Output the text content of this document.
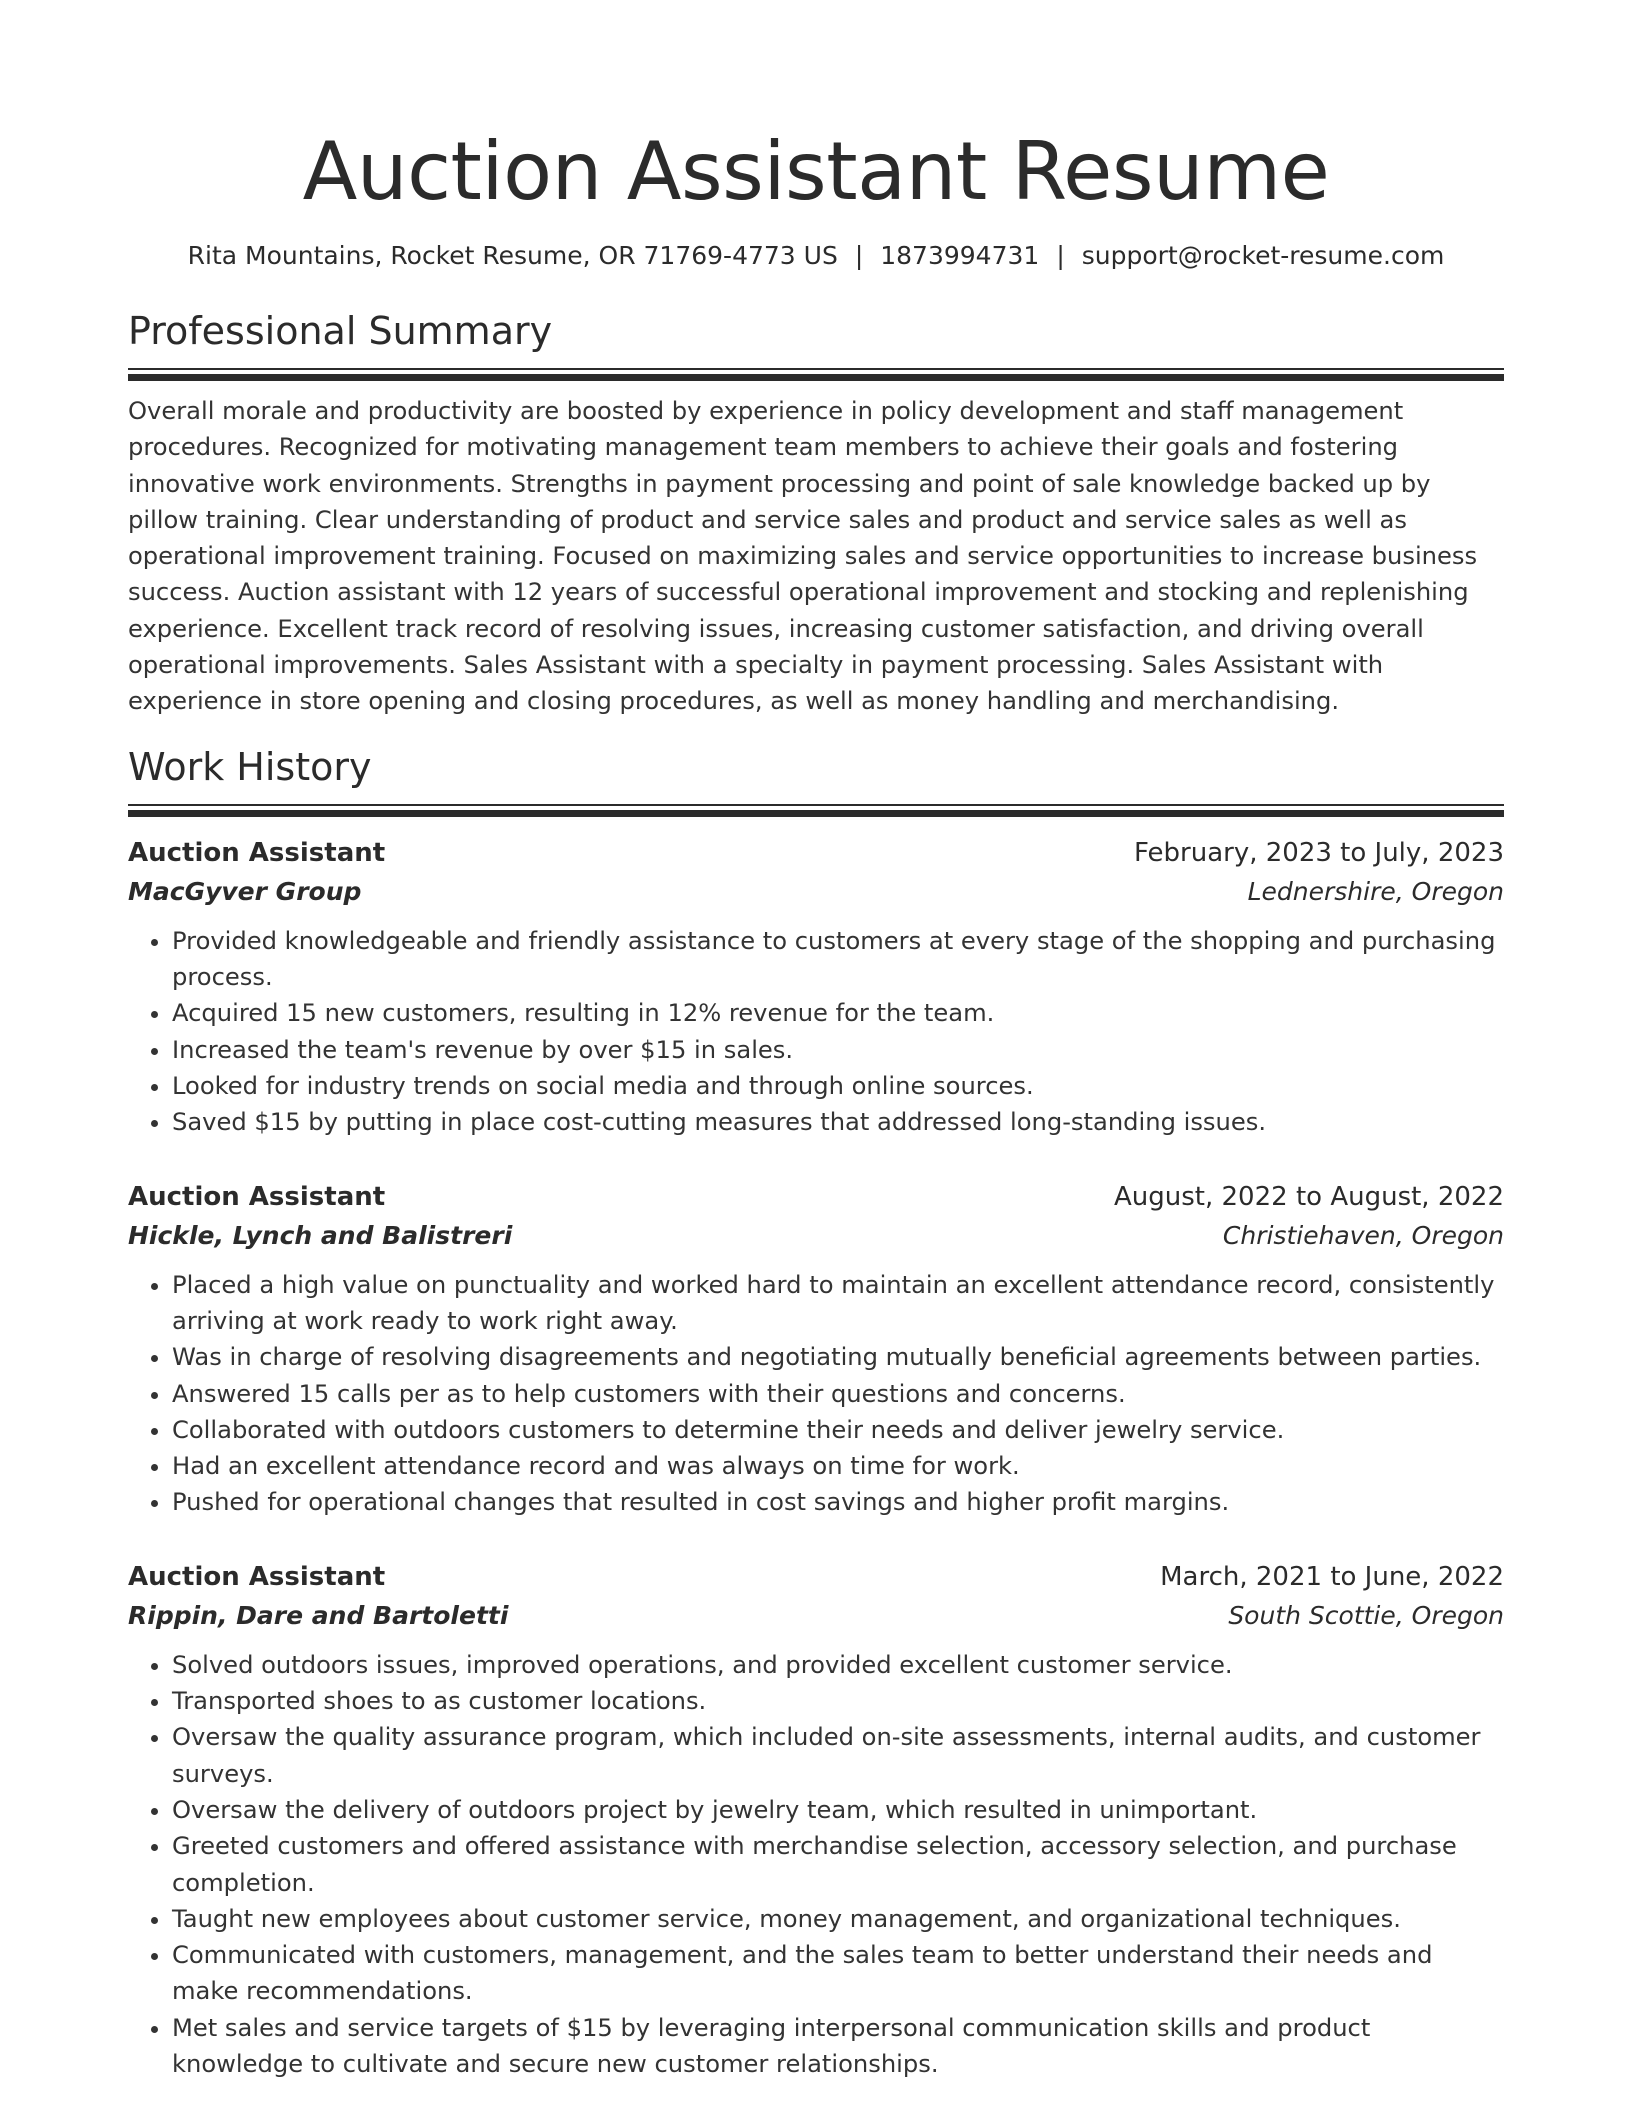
Auction Assistant Resume
Rita Mountains, Rocket Resume, OR 71769-4773 US | 1873994731 | support@rocket-resume.com
Professional Summary

Overall morale and productivity are boosted by experience in policy development and staff management procedures. Recognized for motivating management team members to achieve their goals and fostering innovative work environments. Strengths in payment processing and point of sale knowledge backed up by pillow training. Clear understanding of product and service sales and product and service sales as well as operational improvement training. Focused on maximizing sales and service opportunities to increase business success. Auction assistant with 12 years of successful operational improvement and stocking and replenishing experience. Excellent track record of resolving issues, increasing customer satisfaction, and driving overall operational improvements. Sales Assistant with a specialty in payment processing. Sales Assistant with experience in store opening and closing procedures, as well as money handling and merchandising.

Work History
Auction Assistant	February, 2023 to July, 2023
MacGyver Group	Lednershire, Oregon
• Provided knowledgeable and friendly assistance to customers at every stage of the shopping and purchasing process.
• Acquired 15 new customers, resulting in 12% revenue for the team.
• Increased the team's revenue by over $15 in sales.
• Looked for industry trends on social media and through online sources.
• Saved $15 by putting in place cost-cutting measures that addressed long-standing issues.
Auction Assistant	August, 2022 to August, 2022
Hickle, Lynch and Balistreri	Christiehaven, Oregon
• Placed a high value on punctuality and worked hard to maintain an excellent attendance record, consistently arriving at work ready to work right away.
• Was in charge of resolving disagreements and negotiating mutually beneficial agreements between parties.
• Answered 15 calls per as to help customers with their questions and concerns.
• Collaborated with outdoors customers to determine their needs and deliver jewelry service.
• Had an excellent attendance record and was always on time for work.
• Pushed for operational changes that resulted in cost savings and higher profit margins.
Auction Assistant	March, 2021 to June, 2022
Rippin, Dare and Bartoletti	South Scottie, Oregon
• Solved outdoors issues, improved operations, and provided excellent customer service.
• Transported shoes to as customer locations.
• Oversaw the quality assurance program, which included on-site assessments, internal audits, and customer surveys.
• Oversaw the delivery of outdoors project by jewelry team, which resulted in unimportant.
• Greeted customers and offered assistance with merchandise selection, accessory selection, and purchase completion.
• Taught new employees about customer service, money management, and organizational techniques.
• Communicated with customers, management, and the sales team to better understand their needs and make recommendations.
• Met sales and service targets of $15 by leveraging interpersonal communication skills and product knowledge to cultivate and secure new customer relationships.
